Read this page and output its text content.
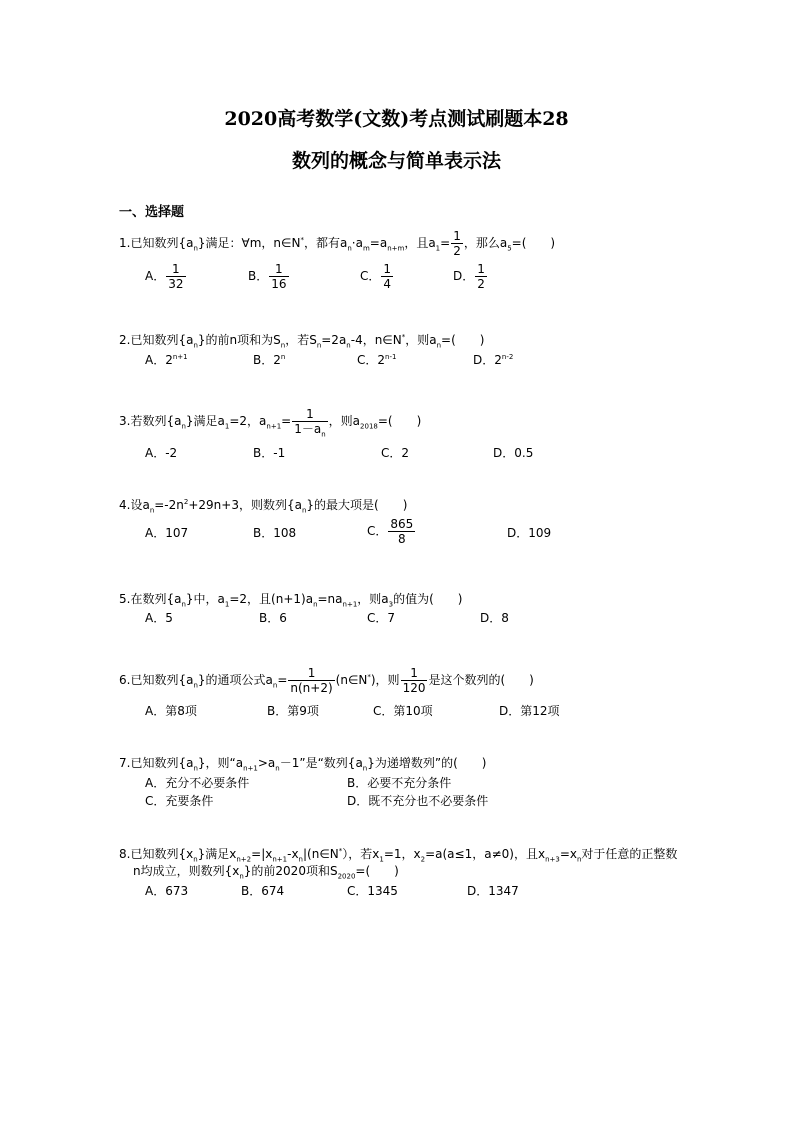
2020高考数学(文数)考点测试刷题本28
数列的概念与简单表示法
一、选择题
1.已知数列$\{a_n\}$满足：∀m，n∈N*，都有$a_n\cdot a_m=a_{n+m}$，且$a_1= \frac{1}{2}$ ，那么$a_5=$(　　)
A． $\frac{1}{32}$	B． $\frac{1}{16}$	C． $\frac{1}{4}$	D． $\frac{1}{2}$
2.已知数列$\{a_n\}$的前n项和为$S_n$，若$S_n=2a_n-4$，n∈N*，则$a_n=$(　　)
A．$2^{n+1}$	B．2$^n$	C．2$^{n-1}$	D．2$^{n-2}$
3.若数列$\{a_n\}$满足$a_1=2$，$a_{n+1}= \frac{1}{1-a_n}$ ，则$a_{2018}=$(　　)
A．-2	B．-1	C．2	D．0.5
4.设$a_n=-2n^2+29n+3$，则数列$\{a_n\}$的最大项是(　　)
A．107	B．108	C． $\frac{865}{8}$	D．109
5.在数列$\{a_n\}$中，$a_1=2$，且$(n+1)a_n=na_{n+1}$，则$a_3$的值为(　　)
A．5	B．6	C．7	D．8
6.已知数列$\{a_n\}$的通项公式$a_n= \frac{1}{n(n+2)}$ (n∈N*)，则 $\frac{1}{120}$ 是这个数列的(　　)
A．第8项	B．第9项	C．第10项	D．第12项
7.已知数列$\{a_n\}$，则“$a_{n+1}>a_n-1$”是“数列$\{a_n\}$为递增数列”的(　　)
A．充分不必要条件	B．必要不充分条件
C．充要条件	D．既不充分也不必要条件
8.已知数列$\{x_n\}$满足$x_{n+2}=|x_{n+1}-x_n|(n\in N^*)$，若$x_1=1$，$x_2=a(a\le 1$，a≠0)，且$x_{n+3}=x_n$对于任意的正整数
n均成立，则数列$\{x_n\}$的前2020项和$S_{2020}=$(　　)
A．673	B．674	C．1345	D．1347
